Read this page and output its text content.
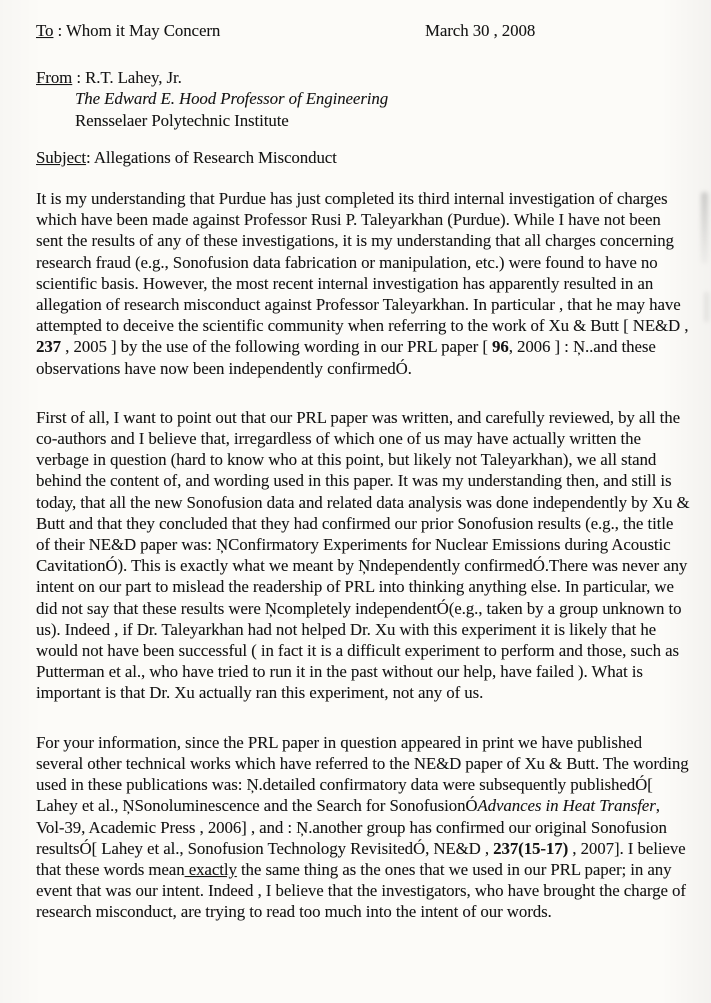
To : Whom it May Concern	March 30 , 2008
From : R.T. Lahey, Jr.
The Edward E. Hood Professor of Engineering
Rensselaer Polytechnic Institute
Subject: Allegations of Research Misconduct

It is my understanding that Purdue has just completed its third internal investigation of charges which have been made against Professor Rusi P. Taleyarkhan (Purdue). While I have not been sent the results of any of these investigations, it is my understanding that all charges concerning research fraud (e.g., Sonofusion data fabrication or manipulation, etc.) were found to have no scientific basis. However, the most recent internal investigation has apparently resulted in an allegation of research misconduct against Professor Taleyarkhan. In particular , that he may have attempted to deceive the scientific community when referring to the work of Xu & Butt [ NE&D , 237 , 2005 ] by the use of the following wording in our PRL paper [ 96, 2006 ] : Ņ..and these observations have now been independently confirmedÓ.

First of all, I want to point out that our PRL paper was written, and carefully reviewed, by all the co-authors and I believe that, irregardless of which one of us may have actually written the verbage in question (hard to know who at this point, but likely not Taleyarkhan), we all stand behind the content of, and wording used in this paper. It was my understanding then, and still is today, that all the new Sonofusion data and related data analysis was done independently by Xu & Butt and that they concluded that they had confirmed our prior Sonofusion results (e.g., the title of their NE&D paper was: ŅConfirmatory Experiments for Nuclear Emissions during Acoustic CavitationÓ). This is exactly what we meant by Ņndependently confirmedÓ.There was never any intent on our part to mislead the readership of PRL into thinking anything else. In particular, we did not say that these results were Ņcompletely independentÓ(e.g., taken by a group unknown to us). Indeed , if Dr. Taleyarkhan had not helped Dr. Xu with this experiment it is likely that he would not have been successful ( in fact it is a difficult experiment to perform and those, such as Putterman et al., who have tried to run it in the past without our help, have failed ). What is important is that Dr. Xu actually ran this experiment, not any of us.

For your information, since the PRL paper in question appeared in print we have published several other technical works which have referred to the NE&D paper of Xu & Butt. The wording used in these publications was: Ņ.detailed confirmatory data were subsequently publishedÓ[ Lahey et al., ŅSonoluminescence and the Search for SonofusionÓAdvances in Heat Transfer, Vol-39, Academic Press , 2006] , and : Ņ.another group has confirmed our original Sonofusion resultsÓ[ Lahey et al., Sonofusion Technology RevisitedÓ, NE&D , 237(15-17) , 2007]. I believe that these words mean exactly the same thing as the ones that we used in our PRL paper; in any event that was our intent. Indeed , I believe that the investigators, who have brought the charge of research misconduct, are trying to read too much into the intent of our words.
